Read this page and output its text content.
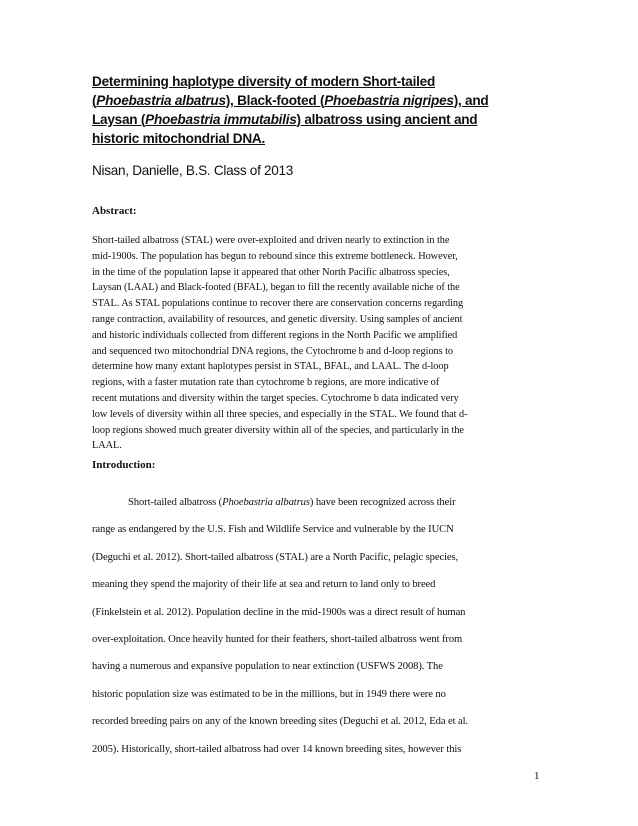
Determining haplotype diversity of modern Short-tailed
(Phoebastria albatrus), Black-footed (Phoebastria nigripes), and
Laysan (Phoebastria immutabilis) albatross using ancient and
historic mitochondrial DNA.
Nisan, Danielle, B.S. Class of 2013
Abstract:
Short-tailed albatross (STAL) were over-exploited and driven nearly to extinction in the
mid-1900s. The population has begun to rebound since this extreme bottleneck. However,
in the time of the population lapse it appeared that other North Pacific albatross species,
Laysan (LAAL) and Black-footed (BFAL), began to fill the recently available niche of the
STAL. As STAL populations continue to recover there are conservation concerns regarding
range contraction, availability of resources, and genetic diversity. Using samples of ancient
and historic individuals collected from different regions in the North Pacific we amplified
and sequenced two mitochondrial DNA regions, the Cytochrome b and d-loop regions to
determine how many extant haplotypes persist in STAL, BFAL, and LAAL. The d-loop
regions, with a faster mutation rate than cytochrome b regions, are more indicative of
recent mutations and diversity within the target species. Cytochrome b data indicated very
low levels of diversity within all three species, and especially in the STAL. We found that d-
loop regions showed much greater diversity within all of the species, and particularly in the
LAAL.
Introduction:
Short-tailed albatross (Phoebastria albatrus) have been recognized across their
range as endangered by the U.S. Fish and Wildlife Service and vulnerable by the IUCN
(Deguchi et al. 2012). Short-tailed albatross (STAL) are a North Pacific, pelagic species,
meaning they spend the majority of their life at sea and return to land only to breed
(Finkelstein et al. 2012). Population decline in the mid-1900s was a direct result of human
over-exploitation. Once heavily hunted for their feathers, short-tailed albatross went from
having a numerous and expansive population to near extinction (USFWS 2008). The
historic population size was estimated to be in the millions, but in 1949 there were no
recorded breeding pairs on any of the known breeding sites (Deguchi et al. 2012, Eda et al.
2005). Historically, short-tailed albatross had over 14 known breeding sites, however this
1
